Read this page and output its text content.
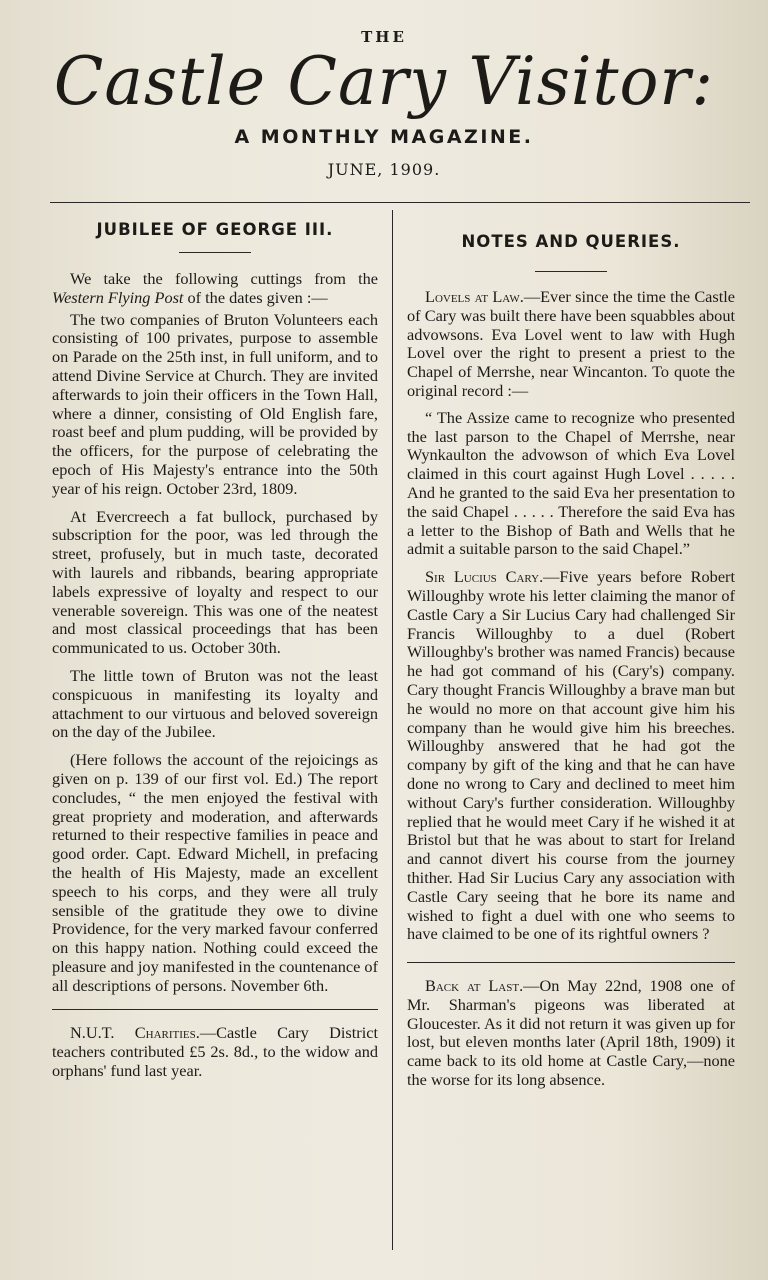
THE
Castle Cary Visitor:
A MONTHLY MAGAZINE.
JUNE, 1909.
JUBILEE OF GEORGE III.

We take the following cuttings from the Western Flying Post of the dates given :—

The two companies of Bruton Volunteers each consisting of 100 privates, purpose to assemble on Parade on the 25th inst, in full uniform, and to attend Divine Service at Church. They are invited afterwards to join their officers in the Town Hall, where a dinner, consisting of Old English fare, roast beef and plum pudding, will be provided by the officers, for the purpose of celebrating the epoch of His Majesty's entrance into the 50th year of his reign. October 23rd, 1809.

At Evercreech a fat bullock, purchased by subscription for the poor, was led through the street, profusely, but in much taste, decorated with laurels and ribbands, bearing appropriate labels expressive of loyalty and respect to our venerable sovereign. This was one of the neatest and most classical proceedings that has been communicated to us. October 30th.

The little town of Bruton was not the least conspicuous in manifesting its loyalty and attachment to our virtuous and beloved sovereign on the day of the Jubilee.

(Here follows the account of the rejoicings as given on p. 139 of our first vol. Ed.) The report concludes, “ the men enjoyed the festival with great propriety and moderation, and afterwards returned to their respective families in peace and good order. Capt. Edward Michell, in prefacing the health of His Majesty, made an excellent speech to his corps, and they were all truly sensible of the gratitude they owe to divine Providence, for the very marked favour conferred on this happy nation. Nothing could exceed the pleasure and joy manifested in the countenance of all descriptions of persons. November 6th.

N.U.T. Charities.—Castle Cary District teachers contributed £5 2s. 8d., to the widow and orphans' fund last year.

NOTES AND QUERIES.

Lovels at Law.—Ever since the time the Castle of Cary was built there have been squabbles about advowsons. Eva Lovel went to law with Hugh Lovel over the right to present a priest to the Chapel of Merrshe, near Wincanton. To quote the original record :—

“ The Assize came to recognize who presented the last parson to the Chapel of Merrshe, near Wynkaulton the advowson of which Eva Lovel claimed in this court against Hugh Lovel . . . . . And he granted to the said Eva her presentation to the said Chapel . . . . . Therefore the said Eva has a letter to the Bishop of Bath and Wells that he admit a suitable parson to the said Chapel.”

Sir Lucius Cary.—Five years before Robert Willoughby wrote his letter claiming the manor of Castle Cary a Sir Lucius Cary had challenged Sir Francis Willoughby to a duel (Robert Willoughby's brother was named Francis) because he had got command of his (Cary's) company. Cary thought Francis Willoughby a brave man but he would no more on that account give him his company than he would give him his breeches. Willoughby answered that he had got the company by gift of the king and that he can have done no wrong to Cary and declined to meet him without Cary's further consideration. Willoughby replied that he would meet Cary if he wished it at Bristol but that he was about to start for Ireland and cannot divert his course from the journey thither. Had Sir Lucius Cary any association with Castle Cary seeing that he bore its name and wished to fight a duel with one who seems to have claimed to be one of its rightful owners ?

Back at Last.—On May 22nd, 1908 one of Mr. Sharman's pigeons was liberated at Gloucester. As it did not return it was given up for lost, but eleven months later (April 18th, 1909) it came back to its old home at Castle Cary,—none the worse for its long absence.
